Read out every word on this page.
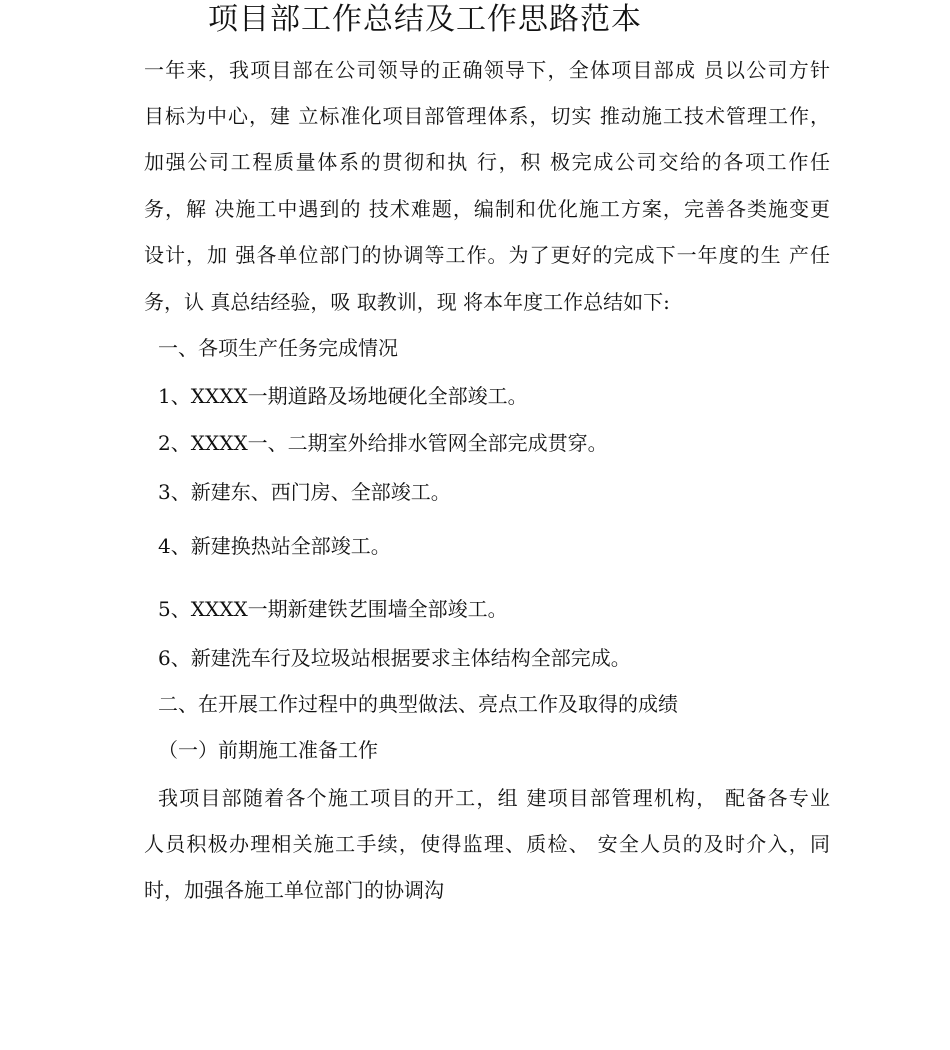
项目部工作总结及工作思路范本

一年来，我项目部在公司领导的正确领导下，全体项目部成 员以公司方针

目标为中心，建 立标准化项目部管理体系，切实 推动施工技术管理工作，

加强公司工程质量体系的贯彻和执 行，积 极完成公司交给的各项工作任

务，解 决施工中遇到的 技术难题，编制和优化施工方案，完善各类施变更

设计，加 强各单位部门的协调等工作。为了更好的完成下一年度的生 产任

务，认 真总结经验，吸 取教训，现 将本年度工作总结如下:

一、各项生产任务完成情况

1、XXXX一期道路及场地硬化全部竣工。

2、XXXX一、二期室外给排水管网全部完成贯穿。

3、新建东、西门房、全部竣工。

4、新建换热站全部竣工。

5、XXXX一期新建铁艺围墙全部竣工。

6、新建洗车行及垃圾站根据要求主体结构全部完成。

二、在开展工作过程中的典型做法、亮点工作及取得的成绩

（一）前期施工准备工作

我项目部随着各个施工项目的开工，组 建项目部管理机构， 配备各专业

人员积极办理相关施工手续，使得监理、质检、 安全人员的及时介入，同

时，加强各施工单位部门的协调沟
